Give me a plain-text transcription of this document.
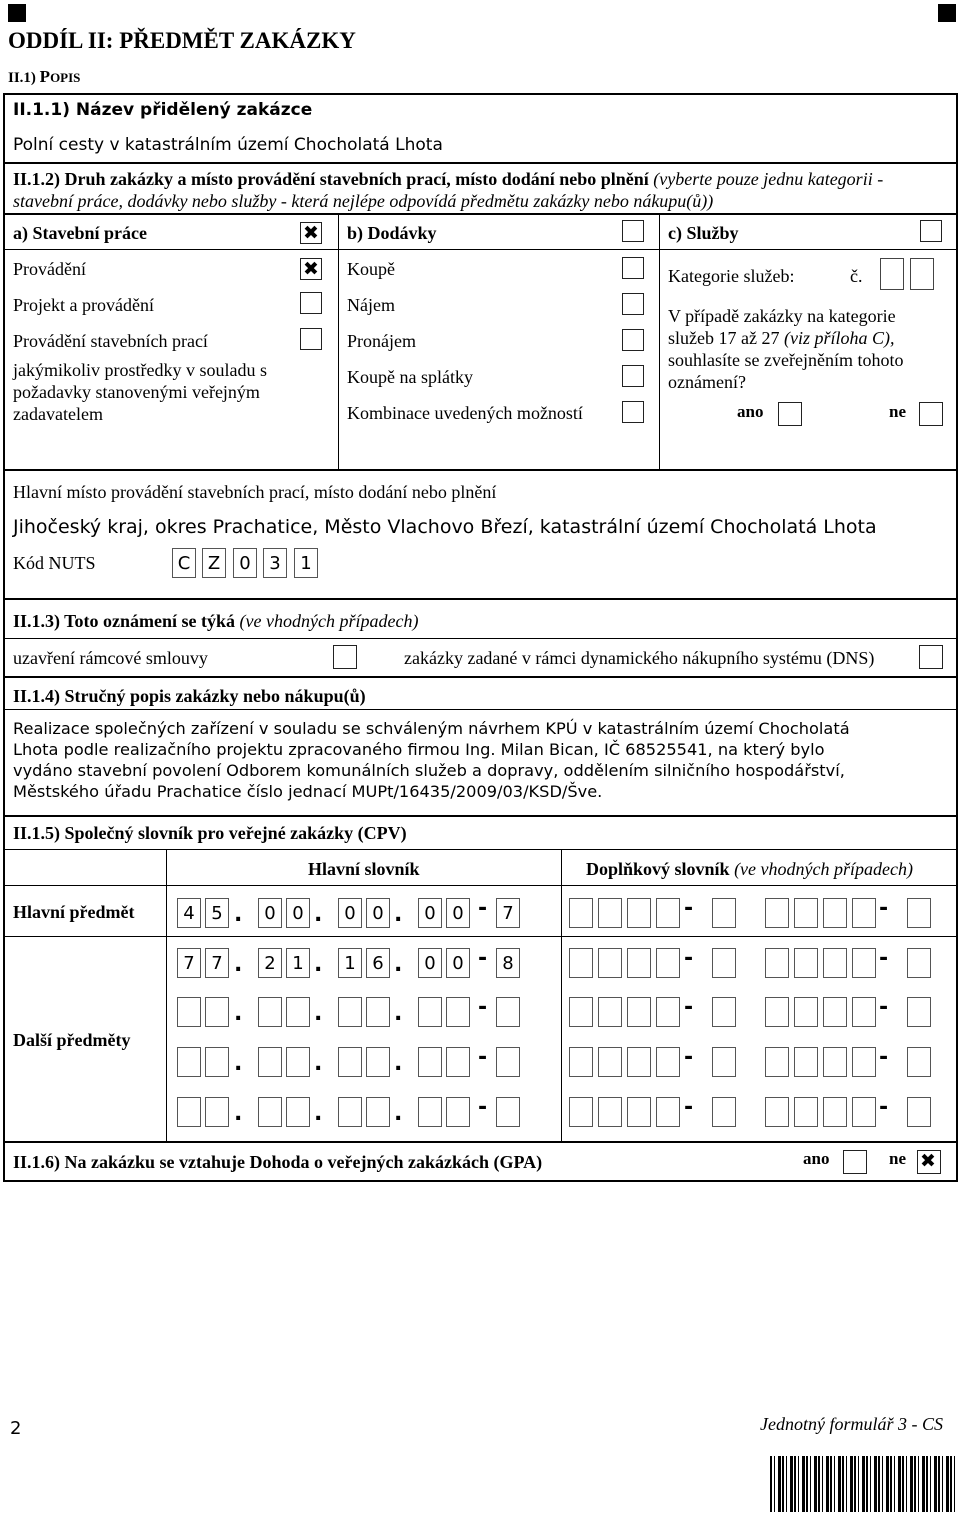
ODDÍL II: PŘEDMĚT ZAKÁZKY
II.1) POPIS
II.1.1) Název přidělený zakázce
Polní cesty v katastrálním území Chocholatá Lhota
II.1.2) Druh zakázky a místo provádění stavebních prací, místo dodání nebo plnění (vyberte pouze jednu kategorii -
stavební práce, dodávky nebo služby - která nejlépe odpovídá předmětu zakázky nebo nákupu(ů))
a) Stavební práce
✖	b) Dodávky	c) Služby
Provádění
✖
Projekt a provádění
Provádění stavebních prací
jakýmikoliv prostředky v souladu s
požadavky stanovenými veřejným
zadavatelem
Koupě
Nájem
Pronájem
Koupě na splátky
Kombinace uvedených možností
Kategorie služeb:	č.
V případě zakázky na kategorie
služeb 17 až 27 (viz příloha C),
souhlasíte se zveřejněním tohoto
oznámení?
ano	ne
Hlavní místo provádění stavebních prací, místo dodání nebo plnění
Jihočeský kraj, okres Prachatice, Město Vlachovo Březí, katastrální území Chocholatá Lhota
Kód NUTS	C Z	0	3	1
II.1.3) Toto oznámení se týká (ve vhodných případech)
uzavření rámcové smlouvy	zakázky zadané v rámci dynamického nákupního systému (DNS)
II.1.4) Stručný popis zakázky nebo nákupu(ů)
Realizace společných zařízení v souladu se schváleným návrhem KPÚ v katastrálním území Chocholatá
Lhota podle realizačního projektu zpracovaného firmou Ing. Milan Bican, IČ 68525541, na který bylo
vydáno stavební povolení Odborem komunálních služeb a dopravy, oddělením silničního hospodářství,
Městského úřadu Prachatice číslo jednací MUPt/16435/2009/03/KSD/Šve.
II.1.5) Společný slovník pro veřejné zakázky (CPV)
Hlavní slovník	Doplňkový slovník (ve vhodných případech)
Hlavní předmět
Další předměty
4 5	0 0	0 0	0 0	7
.	.	.	-	-	-
7 7	2 1	1 6	0 0	8
.	.	.	-	-	-
.	.	.	-	-	-
.	.	.	-	-	-
.	.	.	-	-	-
II.1.6) Na zakázku se vztahuje Dohoda o veřejných zakázkách (GPA)	ano	ne
✖
2	Jednotný formulář 3 - CS
